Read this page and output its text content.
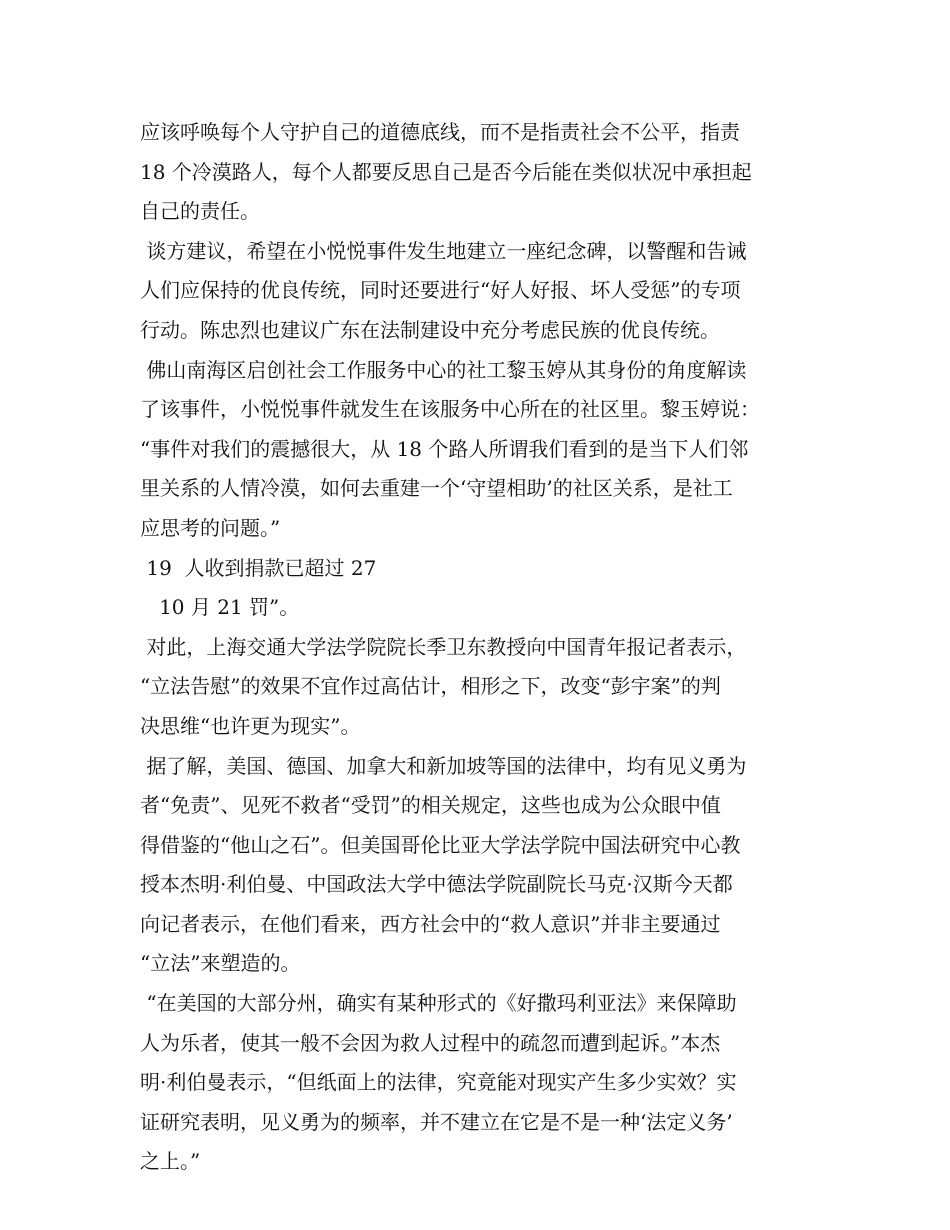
应该呼唤每个人守护自己的道德底线，而不是指责社会不公平，指责
18 个冷漠路人，每个人都要反思自己是否今后能在类似状况中承担起
自己的责任。
谈方建议，希望在小悦悦事件发生地建立一座纪念碑，以警醒和告诫
人们应保持的优良传统，同时还要进行“好人好报、坏人受惩”的专项
行动。陈忠烈也建议广东在法制建设中充分考虑民族的优良传统。
佛山南海区启创社会工作服务中心的社工黎玉婷从其身份的角度解读
了该事件，小悦悦事件就发生在该服务中心所在的社区里。黎玉婷说：
“事件对我们的震撼很大，从 18 个路人所谓我们看到的是当下人们邻
里关系的人情冷漠，如何去重建一个‘守望相助’的社区关系，是社工
应思考的问题。”
19  人收到捐款已超过 27
10 月 21 罚”。
对此，上海交通大学法学院院长季卫东教授向中国青年报记者表示，
“立法告慰”的效果不宜作过高估计，相形之下，改变“彭宇案”的判
决思维“也许更为现实”。
据了解，美国、德国、加拿大和新加坡等国的法律中，均有见义勇为
者“免责”、见死不救者“受罚”的相关规定，这些也成为公众眼中值
得借鉴的“他山之石”。但美国哥伦比亚大学法学院中国法研究中心教
授本杰明·利伯曼、中国政法大学中德法学院副院长马克·汉斯今天都
向记者表示，在他们看来，西方社会中的“救人意识”并非主要通过
“立法”来塑造的。
“在美国的大部分州，确实有某种形式的《好撒玛利亚法》来保障助
人为乐者，使其一般不会因为救人过程中的疏忽而遭到起诉。”本杰
明·利伯曼表示，“但纸面上的法律，究竟能对现实产生多少实效？实
证研究表明，见义勇为的频率，并不建立在它是不是一种‘法定义务’
之上。”
